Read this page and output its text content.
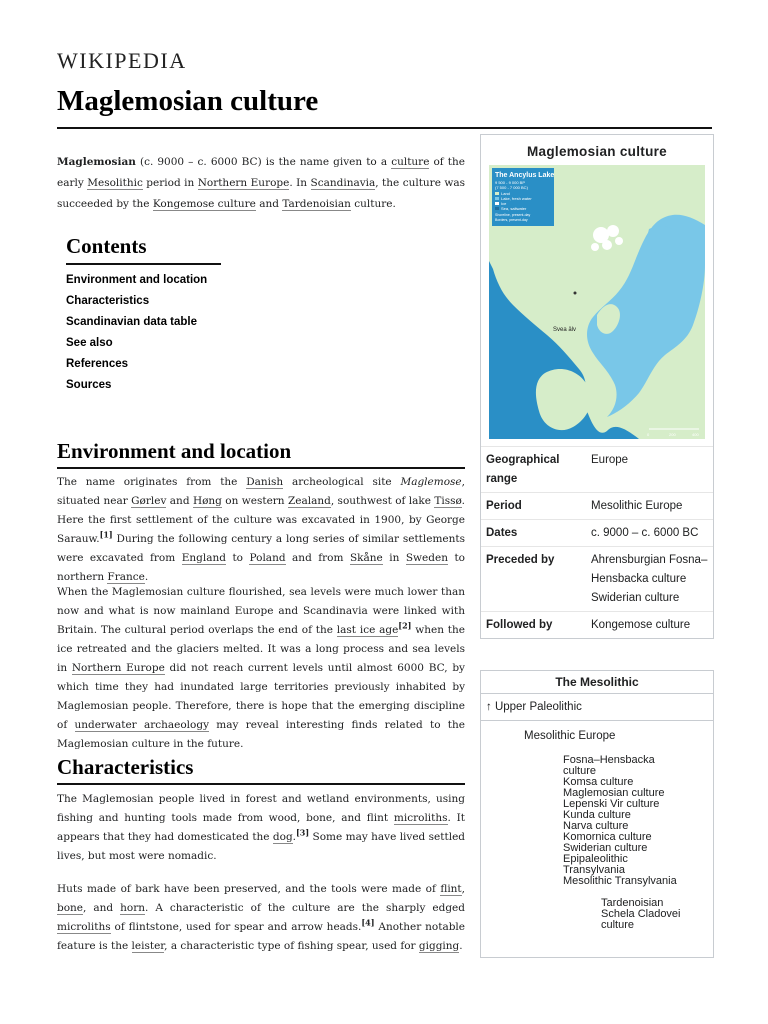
WIKIPEDIA
Maglemosian culture
Maglemosian (c. 9000 – c. 6000 BC) is the name given to a culture of the early Mesolithic period in Northern Europe. In Scandinavia, the culture was succeeded by the Kongemose culture and Tardenoisian culture.
Contents
Environment and location
Characteristics
Scandinavian data table
See also
References
Sources
Environment and location
The name originates from the Danish archeological site Maglemose, situated near Gørlev and Høng on western Zealand, southwest of lake Tissø. Here the first settlement of the culture was excavated in 1900, by George Sarauw.[1] During the following century a long series of similar settlements were excavated from England to Poland and from Skåne in Sweden to northern France.
When the Maglemosian culture flourished, sea levels were much lower than now and what is now mainland Europe and Scandinavia were linked with Britain. The cultural period overlaps the end of the last ice age[2] when the ice retreated and the glaciers melted. It was a long process and sea levels in Northern Europe did not reach current levels until almost 6000 BC, by which time they had inundated large territories previously inhabited by Maglemosian people. Therefore, there is hope that the emerging discipline of underwater archaeology may reveal interesting finds related to the Maglemosian culture in the future.
Characteristics
The Maglemosian people lived in forest and wetland environments, using fishing and hunting tools made from wood, bone, and flint microliths. It appears that they had domesticated the dog.[3] Some may have lived settled lives, but most were nomadic.
Huts made of bark have been preserved, and the tools were made of flint, bone, and horn. A characteristic of the culture are the sharply edged microliths of flintstone, used for spear and arrow heads.[4] Another notable feature is the leister, a characteristic type of fishing spear, used for gigging.
Maglemosian culture
The Ancylus Lake
9 500 - 9 000 BP
(7 500 - 7 000 BC)
Land
Lake, fresh water
Ice
Sea, saltwater
Shoreline, present-day
Borders, present-day
Svea älv
0	200	400
Geographical range	Europe
Period	Mesolithic Europe
Dates	c. 9000 – c. 6000 BC
Preceded by	Ahrensburgian Fosna–Hensbacka culture Swiderian culture
Followed by	Kongemose culture
The Mesolithic
↑ Upper Paleolithic
Mesolithic Europe
Fosna–Hensbacka culture
Komsa culture
Maglemosian culture
Lepenski Vir culture
Kunda culture
Narva culture
Komornica culture
Swiderian culture
Epipaleolithic Transylvania
Mesolithic Transylvania
Tardenoisian
Schela Cladovei culture
